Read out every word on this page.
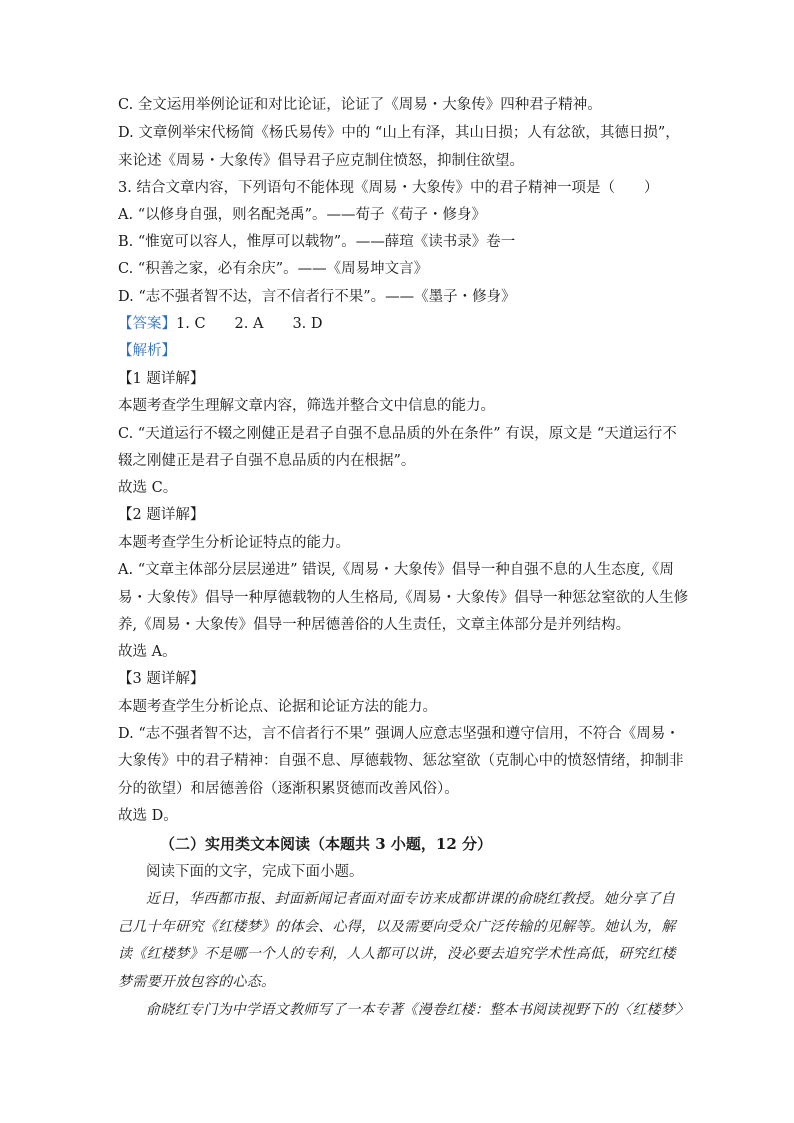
C. 全文运用举例论证和对比论证，论证了《周易・大象传》四种君子精神。
D. 文章例举宋代杨简《杨氏易传》中的 “山上有泽，其山日损；人有忿欲，其德日损”，
来论述《周易・大象传》倡导君子应克制住愤怒，抑制住欲望。
3. 结合文章内容，下列语句不能体现《周易・大象传》中的君子精神一项是（　　）
A. “以修身自强，则名配尧禹”。——荀子《荀子・修身》
B. “惟宽可以容人，惟厚可以载物”。——薛瑄《读书录》卷一
C. “积善之家，必有余庆”。——《周易坤文言》
D. “志不强者智不达，言不信者行不果”。——《墨子・修身》
【答案】1. C　　2. A　　3. D
【解析】
【1 题详解】
本题考查学生理解文章内容，筛选并整合文中信息的能力。
C. “天道运行不辍之刚健正是君子自强不息品质的外在条件” 有误，原文是 “天道运行不
辍之刚健正是君子自强不息品质的内在根据”。
故选 C。
【2 题详解】
本题考查学生分析论证特点的能力。
A. “文章主体部分层层递进” 错误,《周易・大象传》倡导一种自强不息的人生态度,《周
易・大象传》倡导一种厚德载物的人生格局,《周易・大象传》倡导一种惩忿窒欲的人生修
养,《周易・大象传》倡导一种居德善俗的人生责任，文章主体部分是并列结构。
故选 A。
【3 题详解】
本题考查学生分析论点、论据和论证方法的能力。
D. “志不强者智不达，言不信者行不果” 强调人应意志坚强和遵守信用，不符合《周易・
大象传》中的君子精神：自强不息、厚德载物、惩忿窒欲（克制心中的愤怒情绪，抑制非
分的欲望）和居德善俗（逐渐积累贤德而改善风俗）。
故选 D。
（二）实用类文本阅读（本题共 3 小题，12 分）
阅读下面的文字，完成下面小题。
近日，华西都市报、封面新闻记者面对面专访来成都讲课的俞晓红教授。她分享了自
己几十年研究《红楼梦》的体会、心得，以及需要向受众广泛传输的见解等。她认为，解
读《红楼梦》不是哪一个人的专利，人人都可以讲，没必要去追究学术性高低，研究红楼
梦需要开放包容的心态。
俞晓红专门为中学语文教师写了一本专著《漫卷红楼：整本书阅读视野下的〈红楼梦〉
